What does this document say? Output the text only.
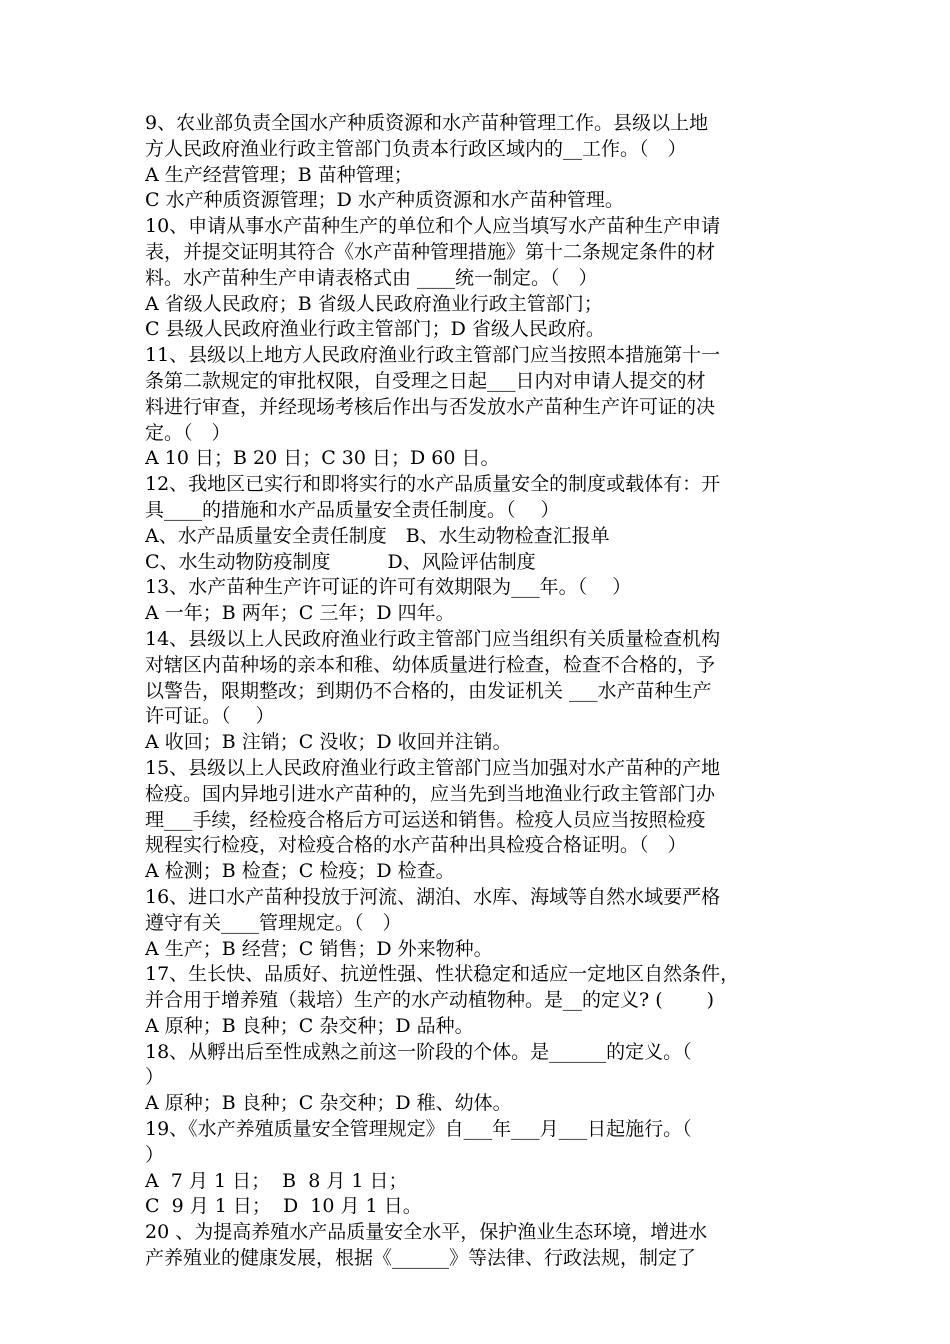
9、农业部负责全国水产种质资源和水产苗种管理工作。县级以上地
方人民政府渔业行政主管部门负责本行政区域内的__工作。（　）
A 生产经营管理；B 苗种管理；
C 水产种质资源管理；D 水产种质资源和水产苗种管理。
10、申请从事水产苗种生产的单位和个人应当填写水产苗种生产申请
表，并提交证明其符合《水产苗种管理措施》第十二条规定条件的材
料。水产苗种生产申请表格式由 ____统一制定。（　）
A 省级人民政府；B 省级人民政府渔业行政主管部门；
C 县级人民政府渔业行政主管部门；D 省级人民政府。
11、县级以上地方人民政府渔业行政主管部门应当按照本措施第十一
条第二款规定的审批权限，自受理之日起___日内对申请人提交的材
料进行审查，并经现场考核后作出与否发放水产苗种生产许可证的决
定。（　）
A 10 日；B 20 日；C 30 日；D 60 日。
12、我地区已实行和即将实行的水产品质量安全的制度或载体有：开
具____的措施和水产品质量安全责任制度。（　 ）
A、水产品质量安全责任制度　B、水生动物检查汇报单
C、水生动物防疫制度　　　D、风险评估制度
13、水产苗种生产许可证的许可有效期限为___年。（　 ）
A 一年；B 两年；C 三年；D 四年。
14、县级以上人民政府渔业行政主管部门应当组织有关质量检查机构
对辖区内苗种场的亲本和稚、幼体质量进行检查，检查不合格的，予
以警告，限期整改；到期仍不合格的，由发证机关 ___水产苗种生产
许可证。（　 ）
A 收回；B 注销；C 没收；D 收回并注销。
15、县级以上人民政府渔业行政主管部门应当加强对水产苗种的产地
检疫。国内异地引进水产苗种的，应当先到当地渔业行政主管部门办
理___手续，经检疫合格后方可运送和销售。检疫人员应当按照检疫
规程实行检疫，对检疫合格的水产苗种出具检疫合格证明。（　）
A 检测；B 检查；C 检疫；D 检查。
16、进口水产苗种投放于河流、湖泊、水库、海域等自然水域要严格
遵守有关____管理规定。（　）
A 生产；B 经营；C 销售；D 外来物种。
17、生长快、品质好、抗逆性强、性状稳定和适应一定地区自然条件，
并合用于增养殖（栽培）生产的水产动植物种。是__的定义? (　　 )
A 原种；B 良种；C 杂交种；D 品种。
18、从孵出后至性成熟之前这一阶段的个体。是______的定义。（
）
A 原种；B 良种；C 杂交种；D 稚、幼体。
19、《水产养殖质量安全管理规定》自___年___月___日起施行。（
）
A  7 月 1 日；  B  8 月 1 日；
C  9 月 1 日；  D  10 月 1 日。
20 、为提高养殖水产品质量安全水平，保护渔业生态环境，增进水
产养殖业的健康发展，根据《______》等法律、行政法规，制定了
